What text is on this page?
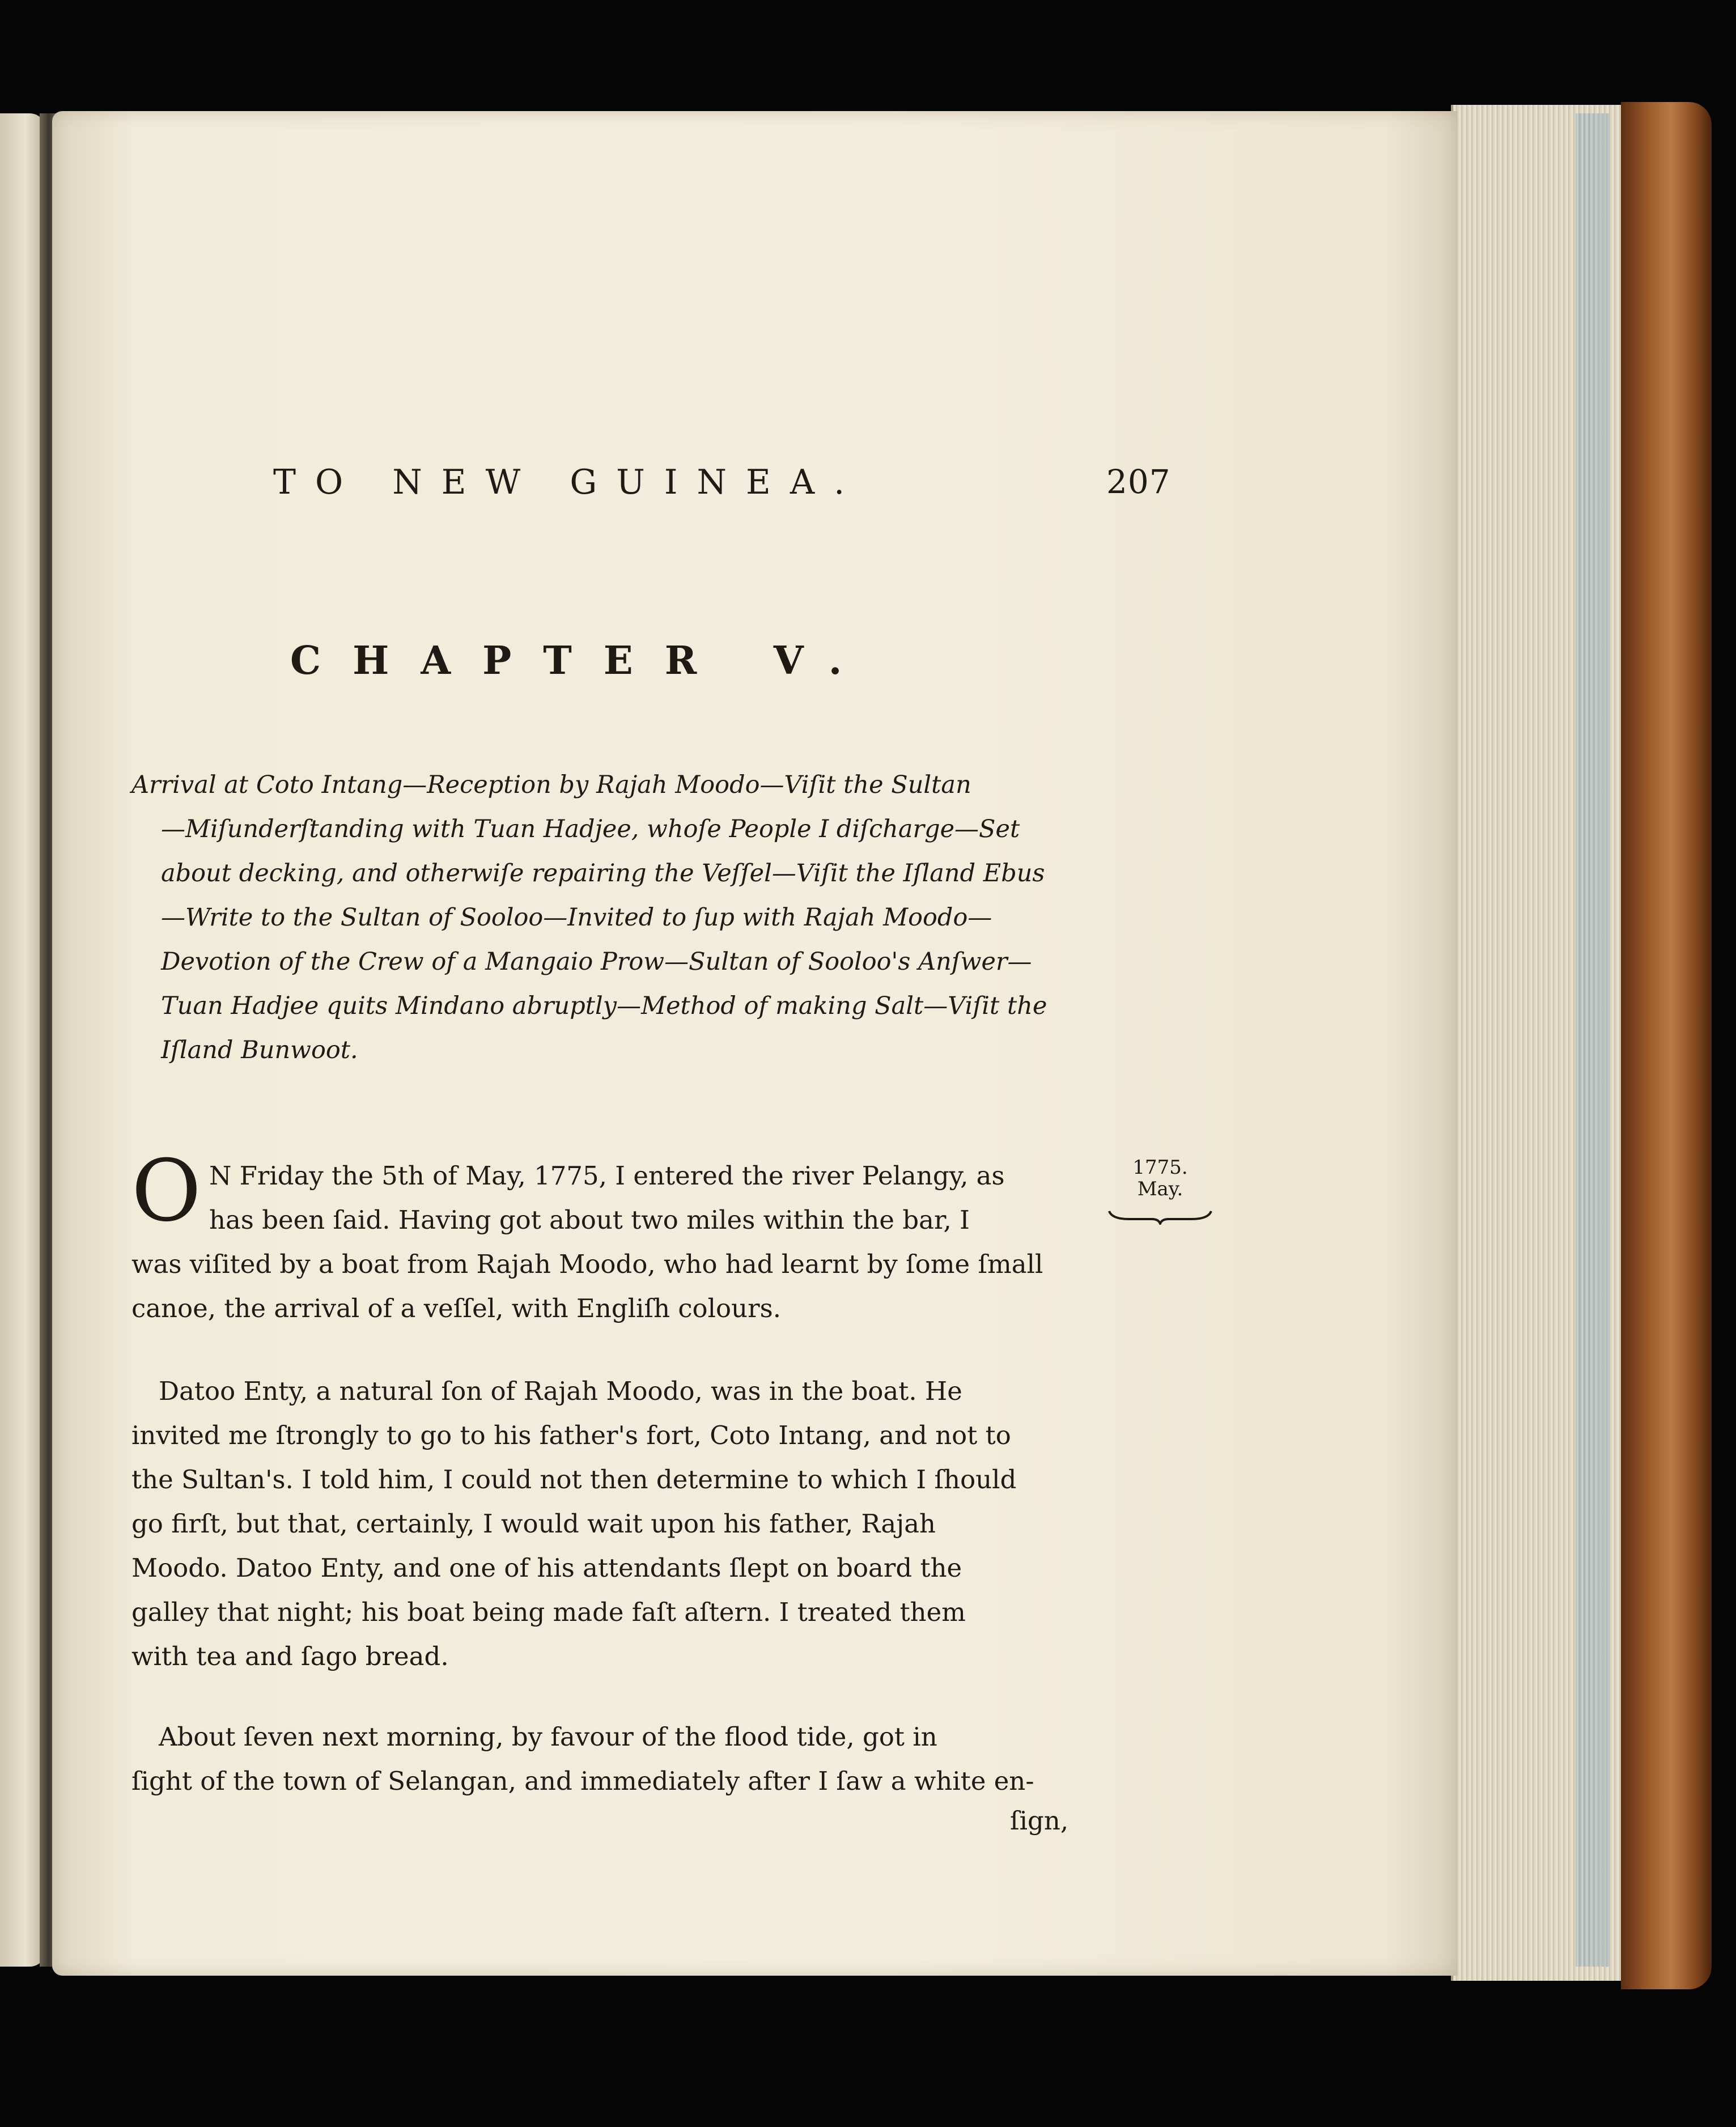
TO NEW GUINEA.	207
CHAPTER V.
Arrival at Coto Intang—Reception by Rajah Moodo—Viſit the Sultan
—Miſunderſtanding with Tuan Hadjee, whoſe People I diſcharge—Set
about decking, and otherwiſe repairing the Veſſel—Viſit the Iſland Ebus
—Write to the Sultan of Sooloo—Invited to ſup with Rajah Moodo—
Devotion of the Crew of a Mangaio Prow—Sultan of Sooloo's Anſwer—
Tuan Hadjee quits Mindano abruptly—Method of making Salt—Viſit the
Iſland Bunwoot.
O N Friday the 5th of May, 1775, I entered the river Pelangy, as
has been ſaid. Having got about two miles within the bar, I
was viſited by a boat from Rajah Moodo, who had learnt by ſome ſmall
canoe, the arrival of a veſſel, with Engliſh colours.
1775.
May.
Datoo Enty, a natural ſon of Rajah Moodo, was in the boat. He
invited me ſtrongly to go to his father's fort, Coto Intang, and not to
the Sultan's. I told him, I could not then determine to which I ſhould
go firſt, but that, certainly, I would wait upon his father, Rajah
Moodo. Datoo Enty, and one of his attendants ſlept on board the
galley that night; his boat being made faſt aſtern. I treated them
with tea and ſago bread.
About ſeven next morning, by favour of the flood tide, got in
ſight of the town of Selangan, and immediately after I ſaw a white en-
ſign,
